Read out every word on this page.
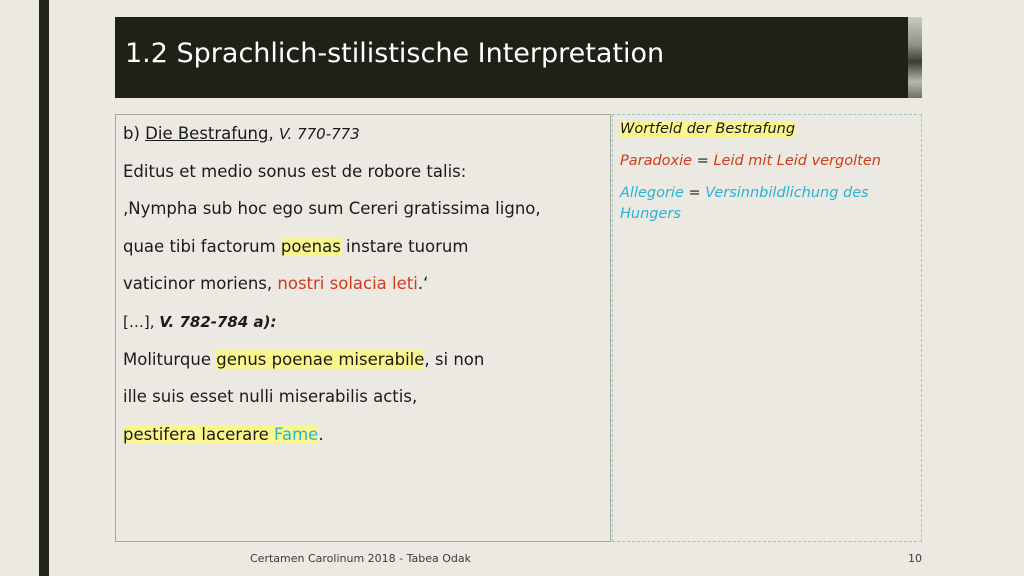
1.2 Sprachlich-stilistische Interpretation
b) Die Bestrafung, V. 770-773
Editus et medio sonus est de robore talis:
‚Nympha sub hoc ego sum Cereri gratissima ligno,
quae tibi factorum poenas instare tuorum
vaticinor moriens, nostri solacia leti.‘
[…], V. 782-784 a):
Moliturque genus poenae miserabile, si non
ille suis esset nulli miserabilis actis,
pestifera lacerare Fame.
Wortfeld der Bestrafung
Paradoxie = Leid mit Leid vergolten
Allegorie = Versinnbildlichung des Hungers
Certamen Carolinum 2018 - Tabea Odak	10
